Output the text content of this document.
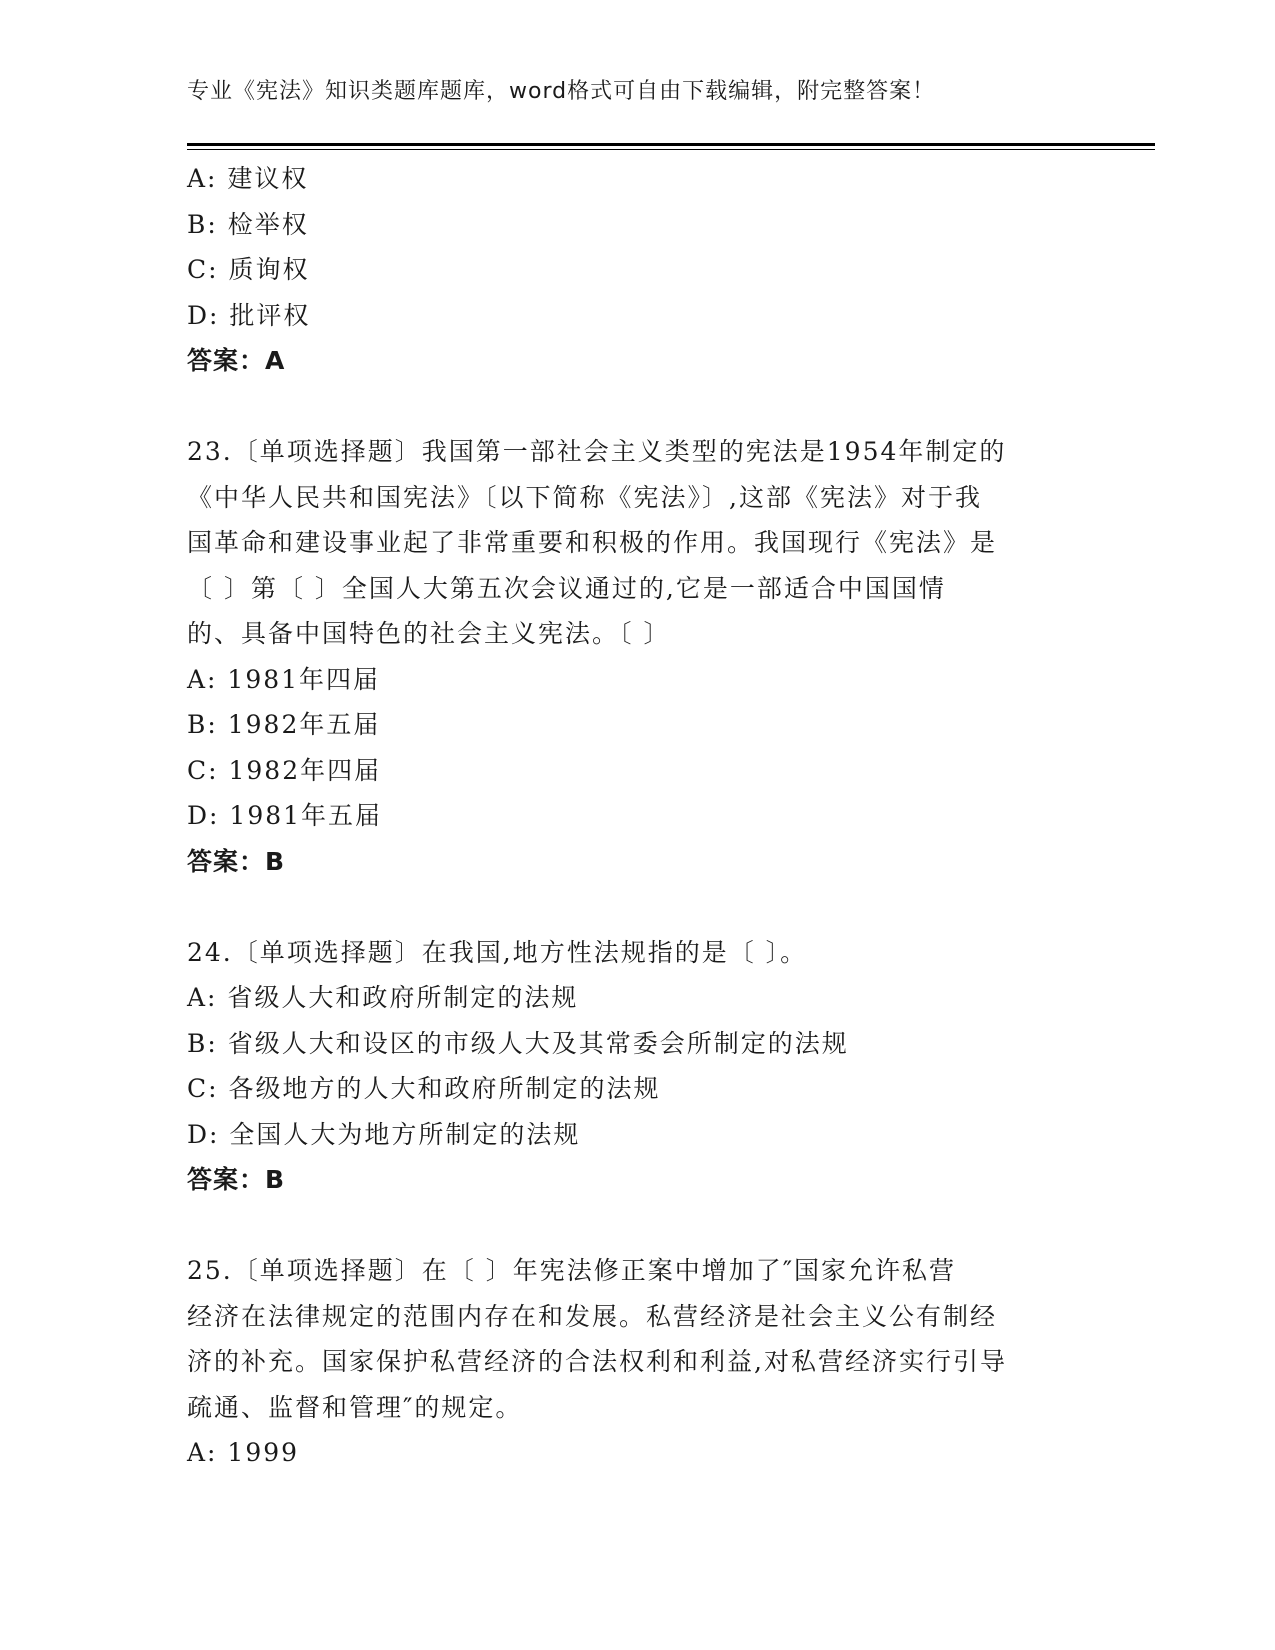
专业《宪法》知识类题库题库，word格式可自由下载编辑，附完整答案！
A: 建议权
B: 检举权
C: 质询权
D: 批评权
答案：A
23.〔单项选择题〕我国第一部社会主义类型的宪法是1954年制定的
《中华人民共和国宪法》〔以下简称《宪法》〕,这部《宪法》对于我
国革命和建设事业起了非常重要和积极的作用。我国现行《宪法》是
〔 〕第〔 〕全国人大第五次会议通过的,它是一部适合中国国情
的、具备中国特色的社会主义宪法。〔 〕
A: 1981年四届
B: 1982年五届
C: 1982年四届
D: 1981年五届
答案：B
24.〔单项选择题〕在我国,地方性法规指的是〔 〕。
A: 省级人大和政府所制定的法规
B: 省级人大和设区的市级人大及其常委会所制定的法规
C: 各级地方的人大和政府所制定的法规
D: 全国人大为地方所制定的法规
答案：B
25.〔单项选择题〕在〔 〕年宪法修正案中增加了″国家允许私营
经济在法律规定的范围内存在和发展。私营经济是社会主义公有制经
济的补充。国家保护私营经济的合法权利和利益,对私营经济实行引导
疏通、监督和管理″的规定。
A: 1999
